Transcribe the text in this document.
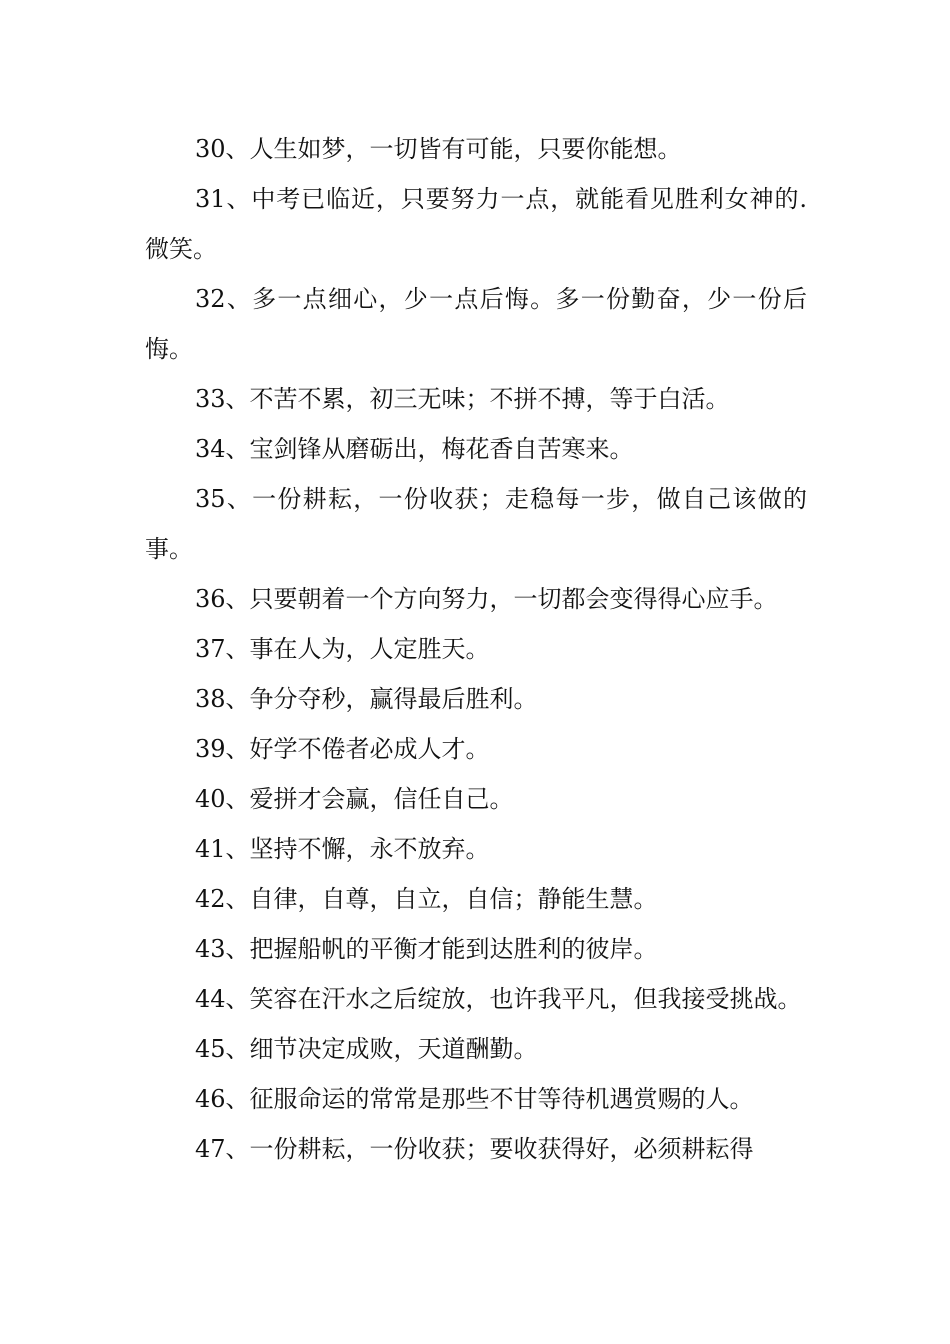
30、人生如梦，一切皆有可能，只要你能想。

31、中考已临近，只要努力一点，就能看见胜利女神的.微笑。

32、多一点细心，少一点后悔。多一份勤奋，少一份后悔。

33、不苦不累，初三无味；不拼不搏，等于白活。

34、宝剑锋从磨砺出，梅花香自苦寒来。

35、一份耕耘，一份收获；走稳每一步，做自己该做的事。

36、只要朝着一个方向努力，一切都会变得得心应手。

37、事在人为，人定胜天。

38、争分夺秒，赢得最后胜利。

39、好学不倦者必成人才。

40、爱拼才会赢，信任自己。

41、坚持不懈，永不放弃。

42、自律，自尊，自立，自信；静能生慧。

43、把握船帆的平衡才能到达胜利的彼岸。

44、笑容在汗水之后绽放，也许我平凡，但我接受挑战。

45、细节决定成败，天道酬勤。

46、征服命运的常常是那些不甘等待机遇赏赐的人。

47、一份耕耘，一份收获；要收获得好，必须耕耘得
